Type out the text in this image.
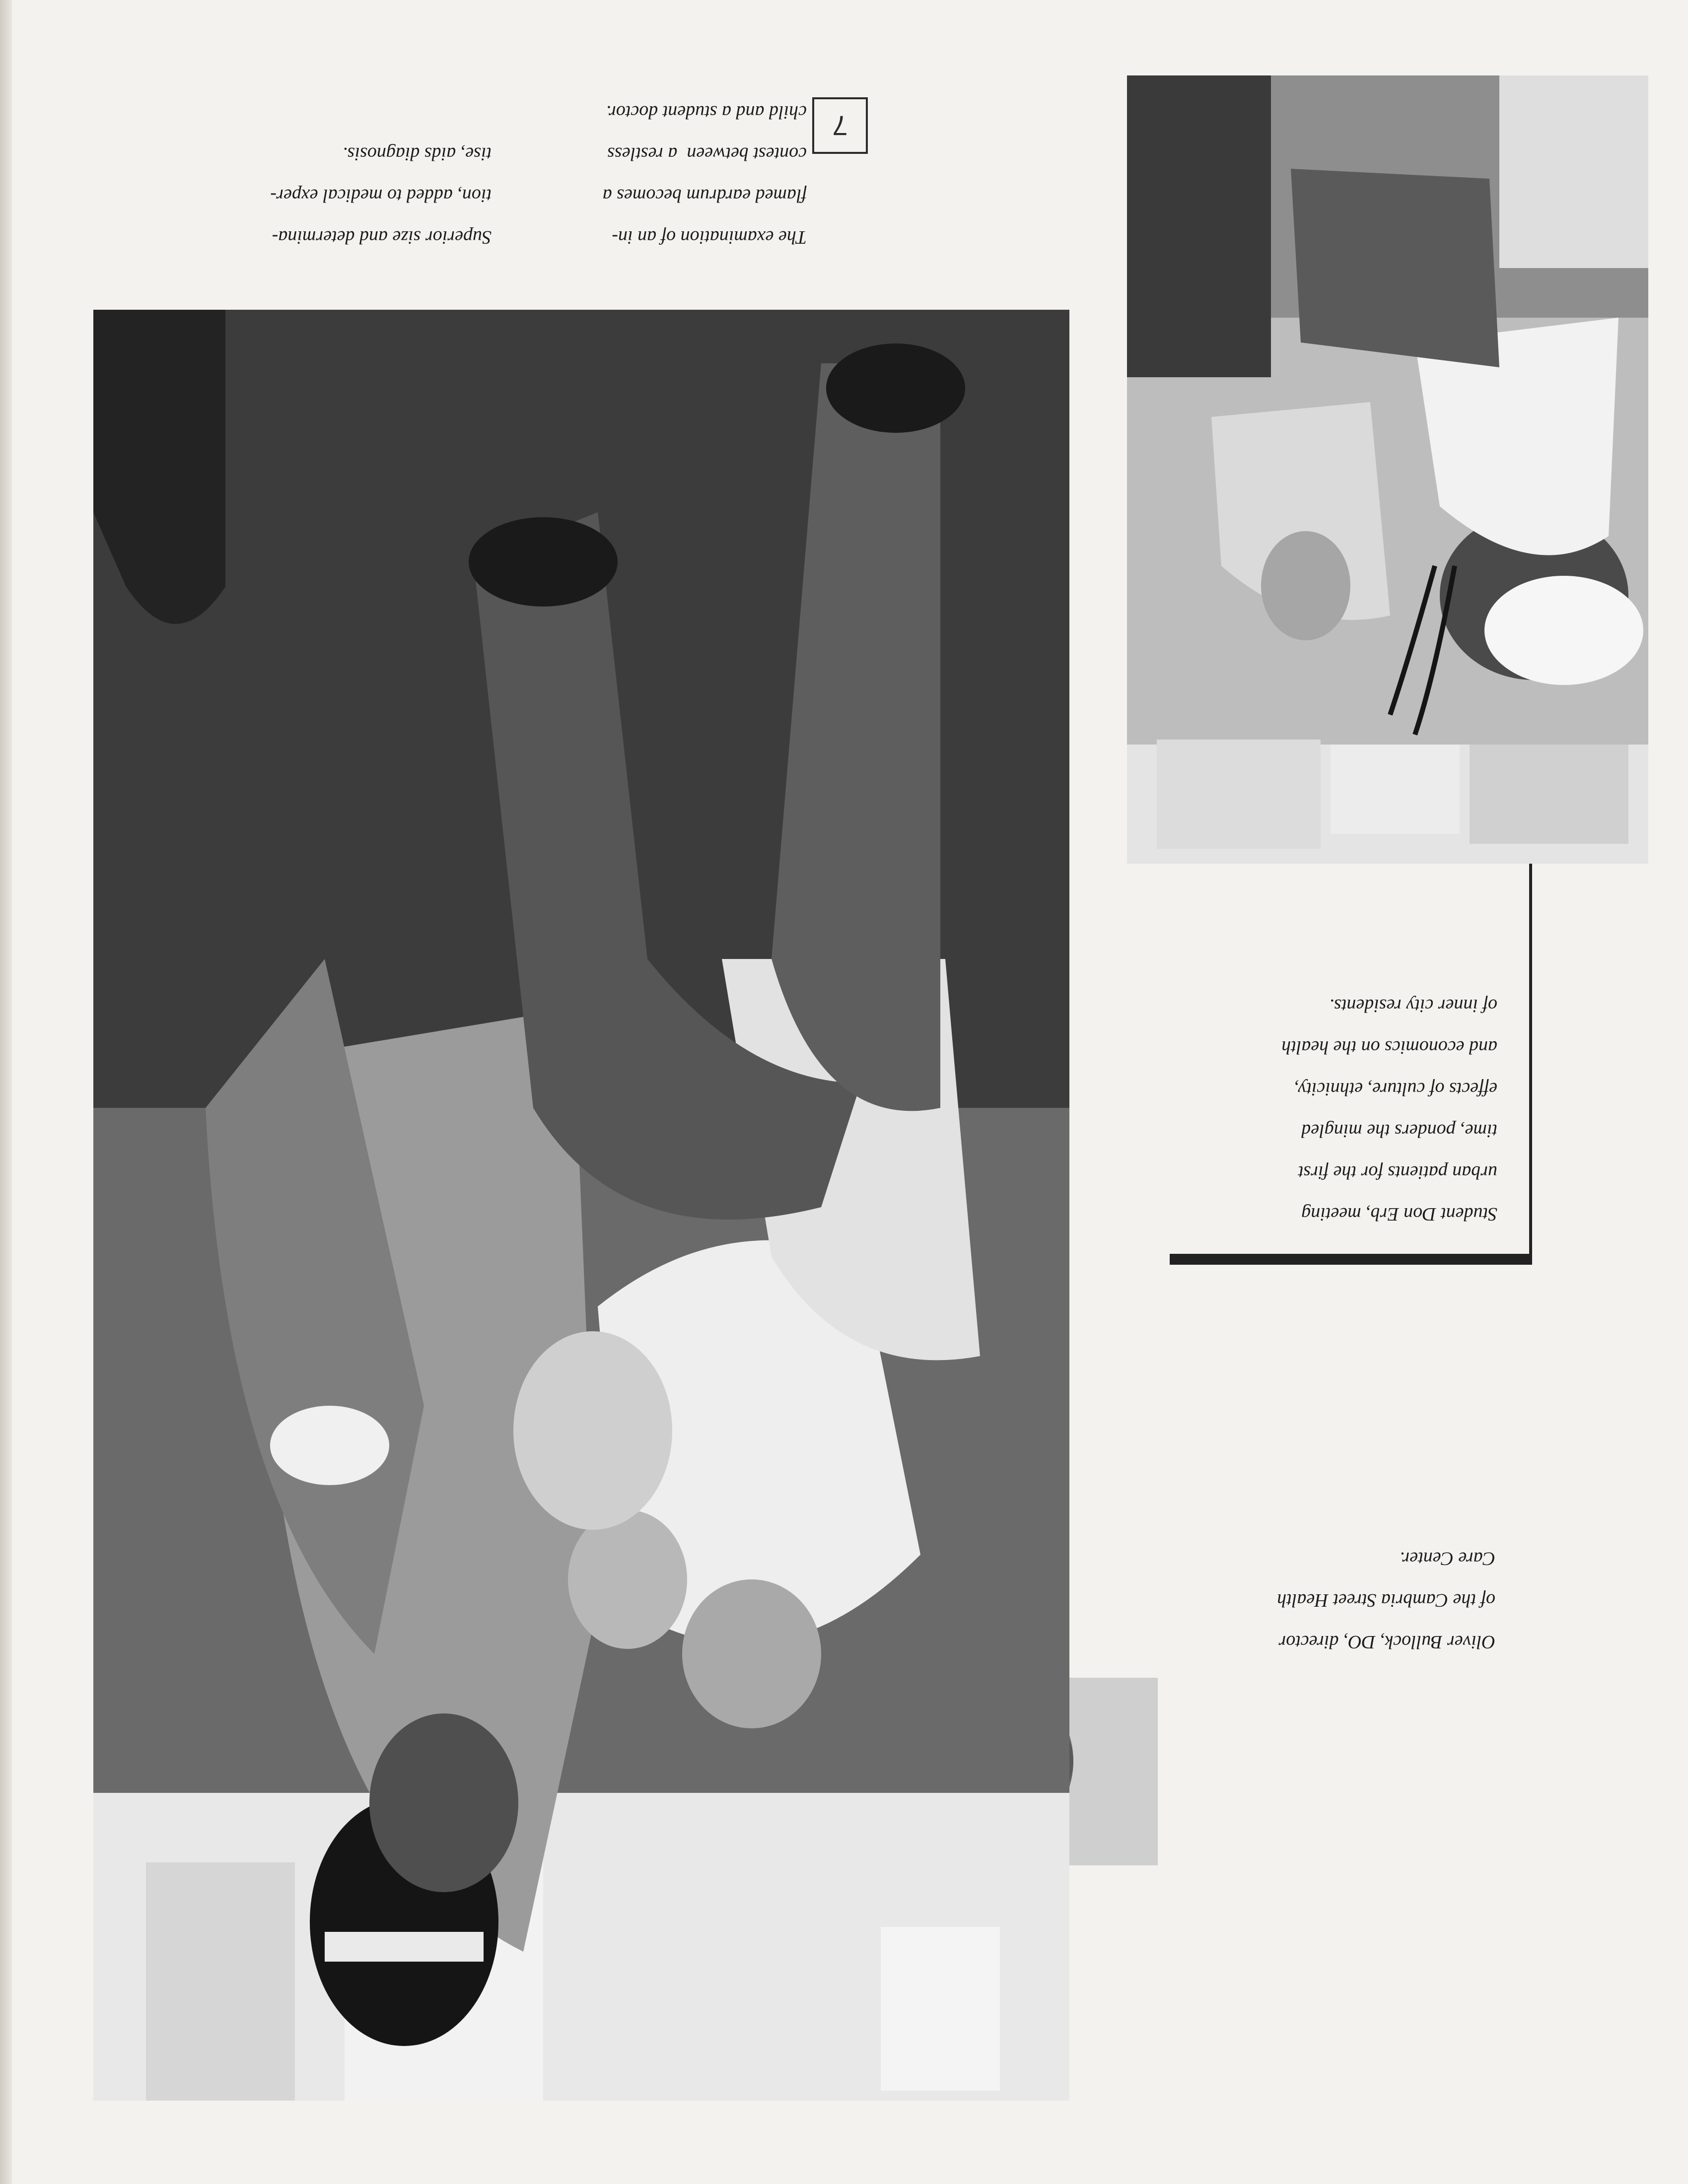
Oliver Bullock, DO, director
of the Cambria Street Health
Care Center.
Student Don Erb, meeting
urban patients for the first
time, ponders the mingled
effects of culture, ethnicity,
and economics on the health
of inner city residents.
7
The examination of an in-
flamed eardrum becomes a
contest between  a restless
child and a student doctor.
Superior size and determina-
tion, added to medical exper-
tise, aids diagnosis.
